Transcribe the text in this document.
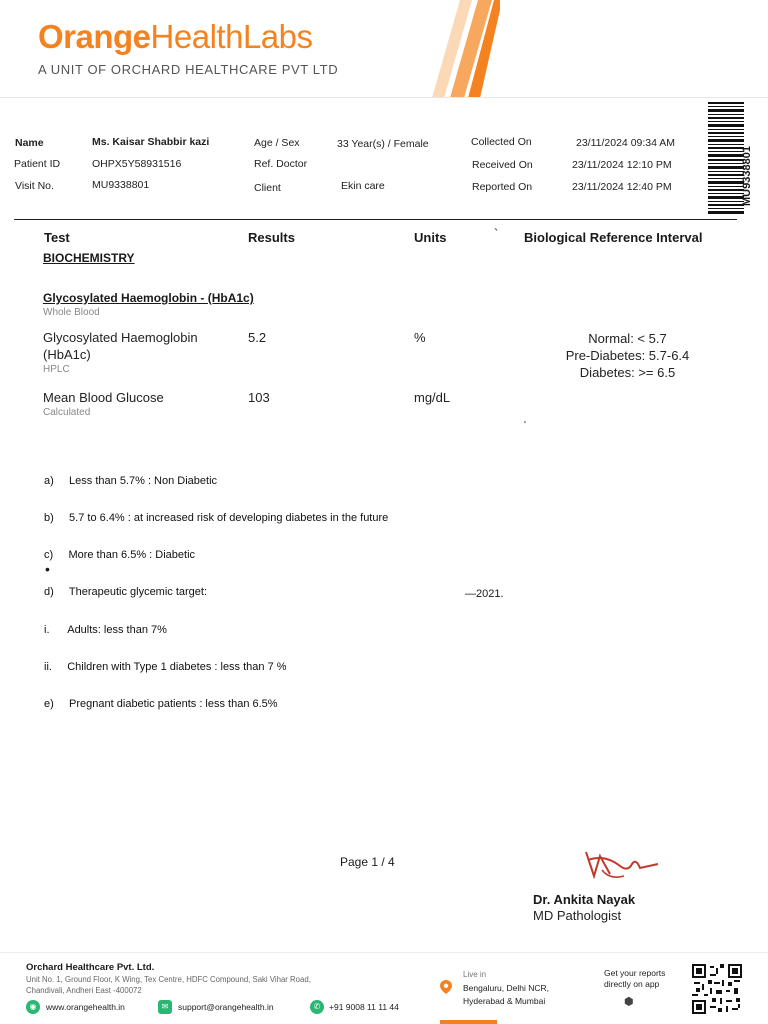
OrangeHealthLabs
A UNIT OF ORCHARD HEALTHCARE PVT LTD
Name	Ms. Kaisar Shabbir kazi
Patient ID	OHPX5Y58931516
Visit No.	MU9338801
Age / Sex	33 Year(s) / Female
Ref. Doctor
Client	Ekin care
Collected On	23/11/2024 09:34 AM
Received On	23/11/2024 12:10 PM
Reported On	23/11/2024 12:40 PM	MU9338801
Test	Results	Units	` Biological Reference Interval
BIOCHEMISTRY
Glycosylated Haemoglobin - (HbA1c)
Whole Blood
Glycosylated Haemoglobin
(HbA1c)
HPLC
5.2	%	Normal: < 5.7
Pre-Diabetes: 5.7-6.4
Diabetes: >= 6.5
Mean Blood Glucose
Calculated
103	mg/dL
'

a)     Less than 5.7% : Non Diabetic

b)     5.7 to 6.4% : at increased risk of developing diabetes in the future

c)     More than 6.5% : Diabetic

d)     Therapeutic glycemic target:

i.      Adults: less than 7%

ii.     Children with Type 1 diabetes : less than 7 %

e)     Pregnant diabetic patients : less than 6.5%

•
—2021.
Page 1 / 4
Dr. Ankita Nayak
MD Pathologist
Orchard Healthcare Pvt. Ltd.
Unit No. 1, Ground Floor, K Wing, Tex Centre, HDFC Compound, Saki Vihar Road,
Chandivali, Andheri East -400072
◉	www.orangehealth.in	✉	support@orangehealth.in	✆	+91 9008 11 11 44
Live in
Bengaluru, Delhi NCR, Hyderabad & Mumbai
Get your reports directly on app
⬢
